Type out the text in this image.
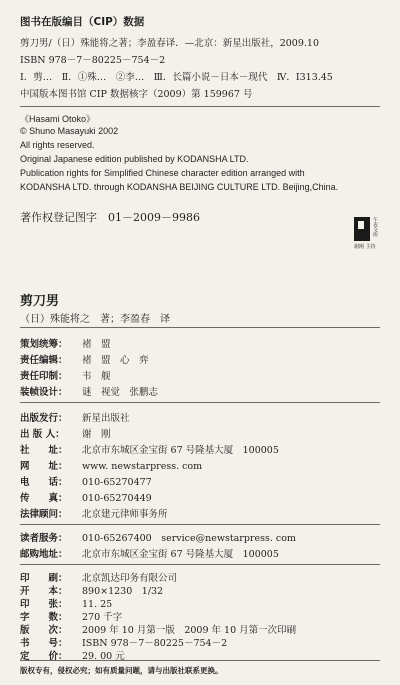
图书在版编目（CIP）数据
剪刀男/（日）殊能将之著；李盈春译．—北京：新星出版社，2009.10
ISBN 978－7－80225－754－2
Ⅰ．剪…　Ⅱ．①殊…　②李…　Ⅲ．长篇小说－日本－现代　Ⅳ．I313.45
中国版本图书馆 CIP 数据核字（2009）第 159967 号
《Hasami Otoko》
© Shuno Masayuki 2002
All rights reserved.
Original Japanese edition published by KODANSHA LTD.
Publication rights for Simplified Chinese character edition arranged with
KODANSHA LTD. through KODANSHA BEIJING CULTURE LTD. Beijing,China.
著作权登记图字　01－2009－9986	午夜文库
谢刚 主持
剪刀男
（日）殊能将之　著；李盈春　译
策划统筹： 褚　盟
责任编辑： 褚　盟　心　弈
责任印制： 韦　舰
装帧设计： 谜　视觉　张鹏志
出版发行： 新星出版社
出 版 人： 谢　刚
社　　址： 北京市东城区金宝街 67 号隆基大厦　100005
网　　址： www. newstarpress. com
电　　话： 010-65270477
传　　真： 010-65270449
法律顾问： 北京建元律师事务所
读者服务： 010-65267400　service@newstarpress. com
邮购地址： 北京市东城区金宝街 67 号隆基大厦　100005
印　　刷： 北京凯达印务有限公司
开　　本： 890×1230　1/32
印　　张： 11. 25
字　　数： 270 千字
版　　次： 2009 年 10 月第一版　2009 年 10 月第一次印刷
书　　号： ISBN 978－7－80225－754－2
定　　价： 29. 00 元
版权专有，侵权必究；如有质量问题，请与出版社联系更换。
